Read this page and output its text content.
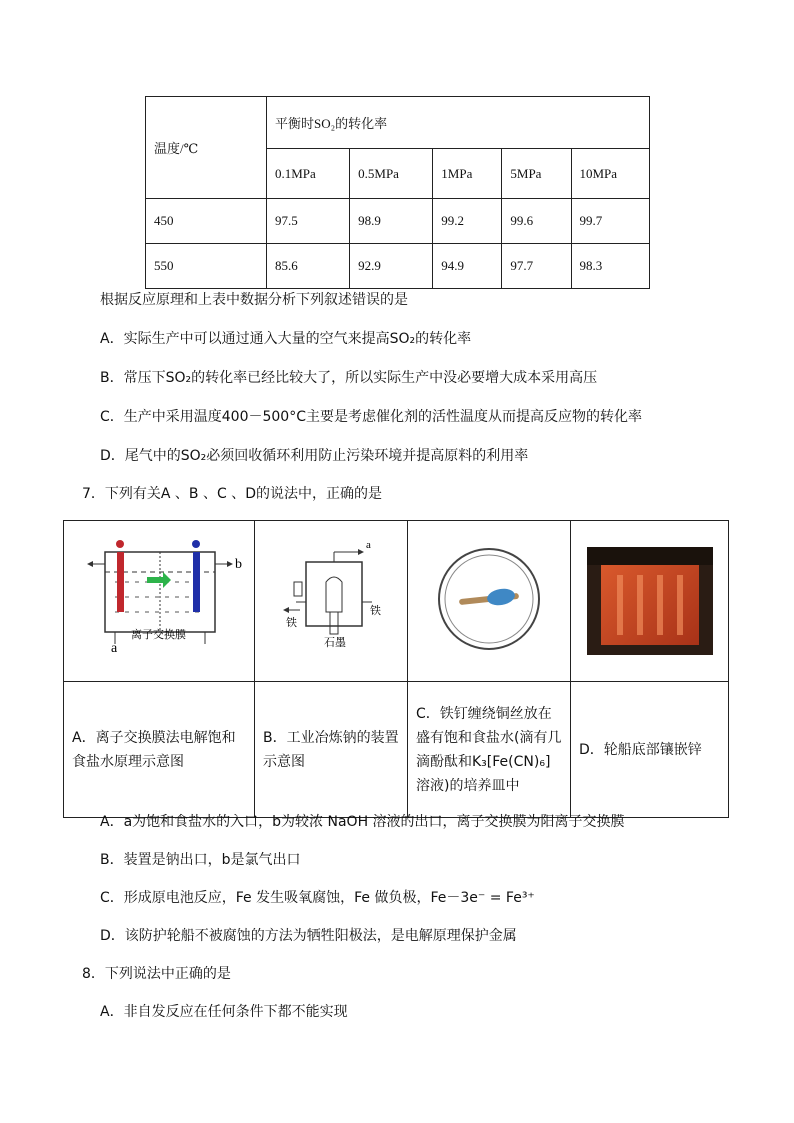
温度/℃	平衡时SO₂的转化率				
	0.1MPa	0.5MPa	1MPa	5MPa	10MPa
450	97.5	98.9	99.2	99.6	99.7
550	85.6	92.9	94.9	97.7	98.3
根据反应原理和上表中数据分析下列叙述错误的是
A．实际生产中可以通过通入大量的空气来提高SO₂的转化率
B．常压下SO₂的转化率已经比较大了，所以实际生产中没必要增大成本采用高压
C．生产中采用温度400－500°C主要是考虑催化剂的活性温度从而提高反应物的转化率
D．尾气中的SO₂必须回收循环利用防止污染环境并提高原料的利用率
7．下列有关A 、B 、C 、D的说法中，正确的是
b
a
离子交换膜	a
铁
铁
石墨

A．离子交换膜法电解饱和食盐水原理示意图	B．工业冶炼钠的装置示意图	C．铁钉缠绕铜丝放在盛有饱和食盐水(滴有几滴酚酞和K₃[Fe(CN)₆]溶液)的培养皿中	D．轮船底部镶嵌锌
A．a为饱和食盐水的入口，b为较浓 NaOH 溶液的出口，离子交换膜为阳离子交换膜
B．装置是钠出口，b是氯气出口
C．形成原电池反应，Fe 发生吸氧腐蚀，Fe 做负极，Fe－3e⁻ = Fe³⁺
D．该防护轮船不被腐蚀的方法为牺牲阳极法，是电解原理保护金属
8．下列说法中正确的是
A．非自发反应在任何条件下都不能实现
